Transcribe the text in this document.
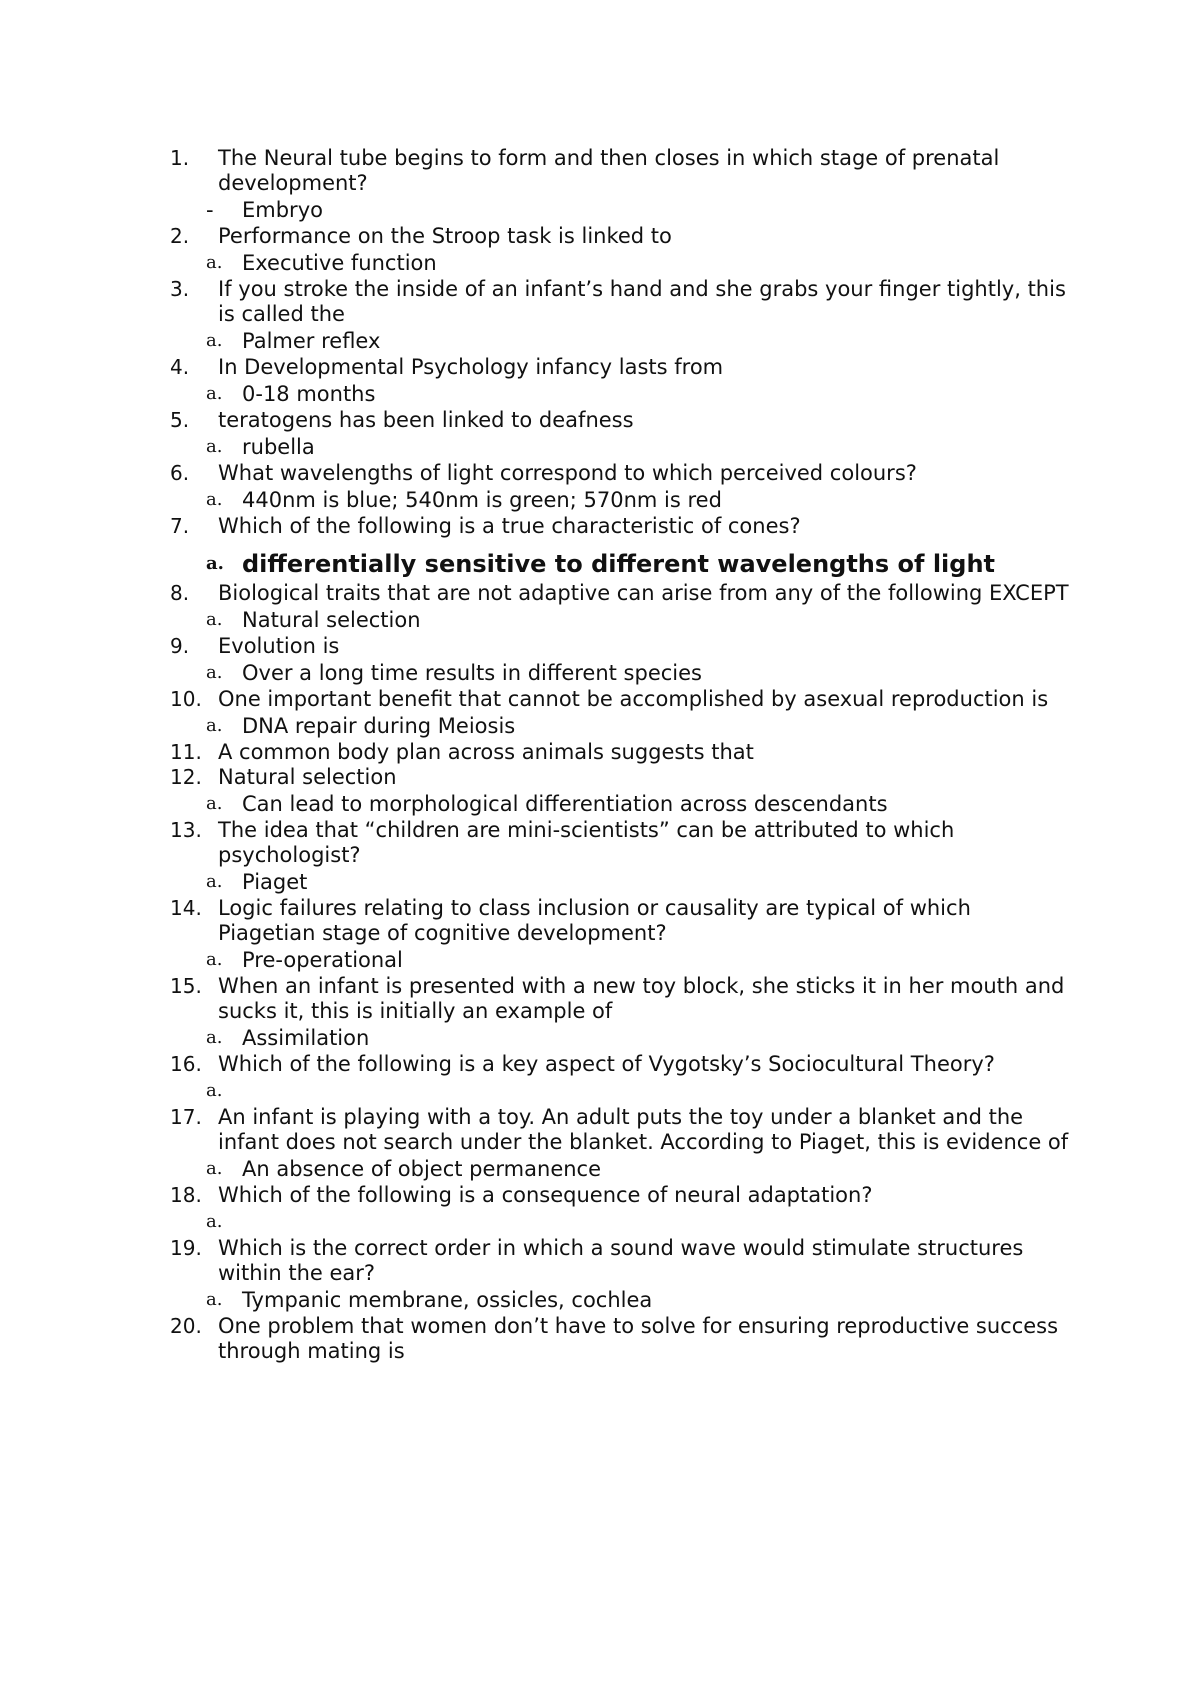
1.	The Neural tube begins to form and then closes in which stage of prenatal development?
- Embryo
2.	Performance on the Stroop task is linked to
a. Executive function
3.	If you stroke the inside of an infant’s hand and she grabs your finger tightly, this is called the
a. Palmer reflex
4.	In Developmental Psychology infancy lasts from
a. 0-18 months
5.	teratogens has been linked to deafness
a. rubella
6.	What wavelengths of light correspond to which perceived colours?
a. 440nm is blue; 540nm is green; 570nm is red
7.	Which of the following is a true characteristic of cones?
a. differentially sensitive to different wavelengths of light
8.	Biological traits that are not adaptive can arise from any of the following EXCEPT
a. Natural selection
9.	Evolution is
a. Over a long time results in different species
10. One important benefit that cannot be accomplished by asexual reproduction is
a. DNA repair during Meiosis
11. A common body plan across animals suggests that
12. Natural selection
a. Can lead to morphological differentiation across descendants
13. The idea that “children are mini-scientists” can be attributed to which psychologist?
a. Piaget
14. Logic failures relating to class inclusion or causality are typical of which Piagetian stage of cognitive development?
a. Pre-operational
15. When an infant is presented with a new toy block, she sticks it in her mouth and sucks it, this is initially an example of
a. Assimilation
16. Which of the following is a key aspect of Vygotsky’s Sociocultural Theory?
a.

17. An infant is playing with a toy. An adult puts the toy under a blanket and the infant does not search under the blanket. According to Piaget, this is evidence of
a. An absence of object permanence
18. Which of the following is a consequence of neural adaptation?
a.

19. Which is the correct order in which a sound wave would stimulate structures within the ear?
a. Tympanic membrane, ossicles, cochlea
20. One problem that women don’t have to solve for ensuring reproductive success through mating is
